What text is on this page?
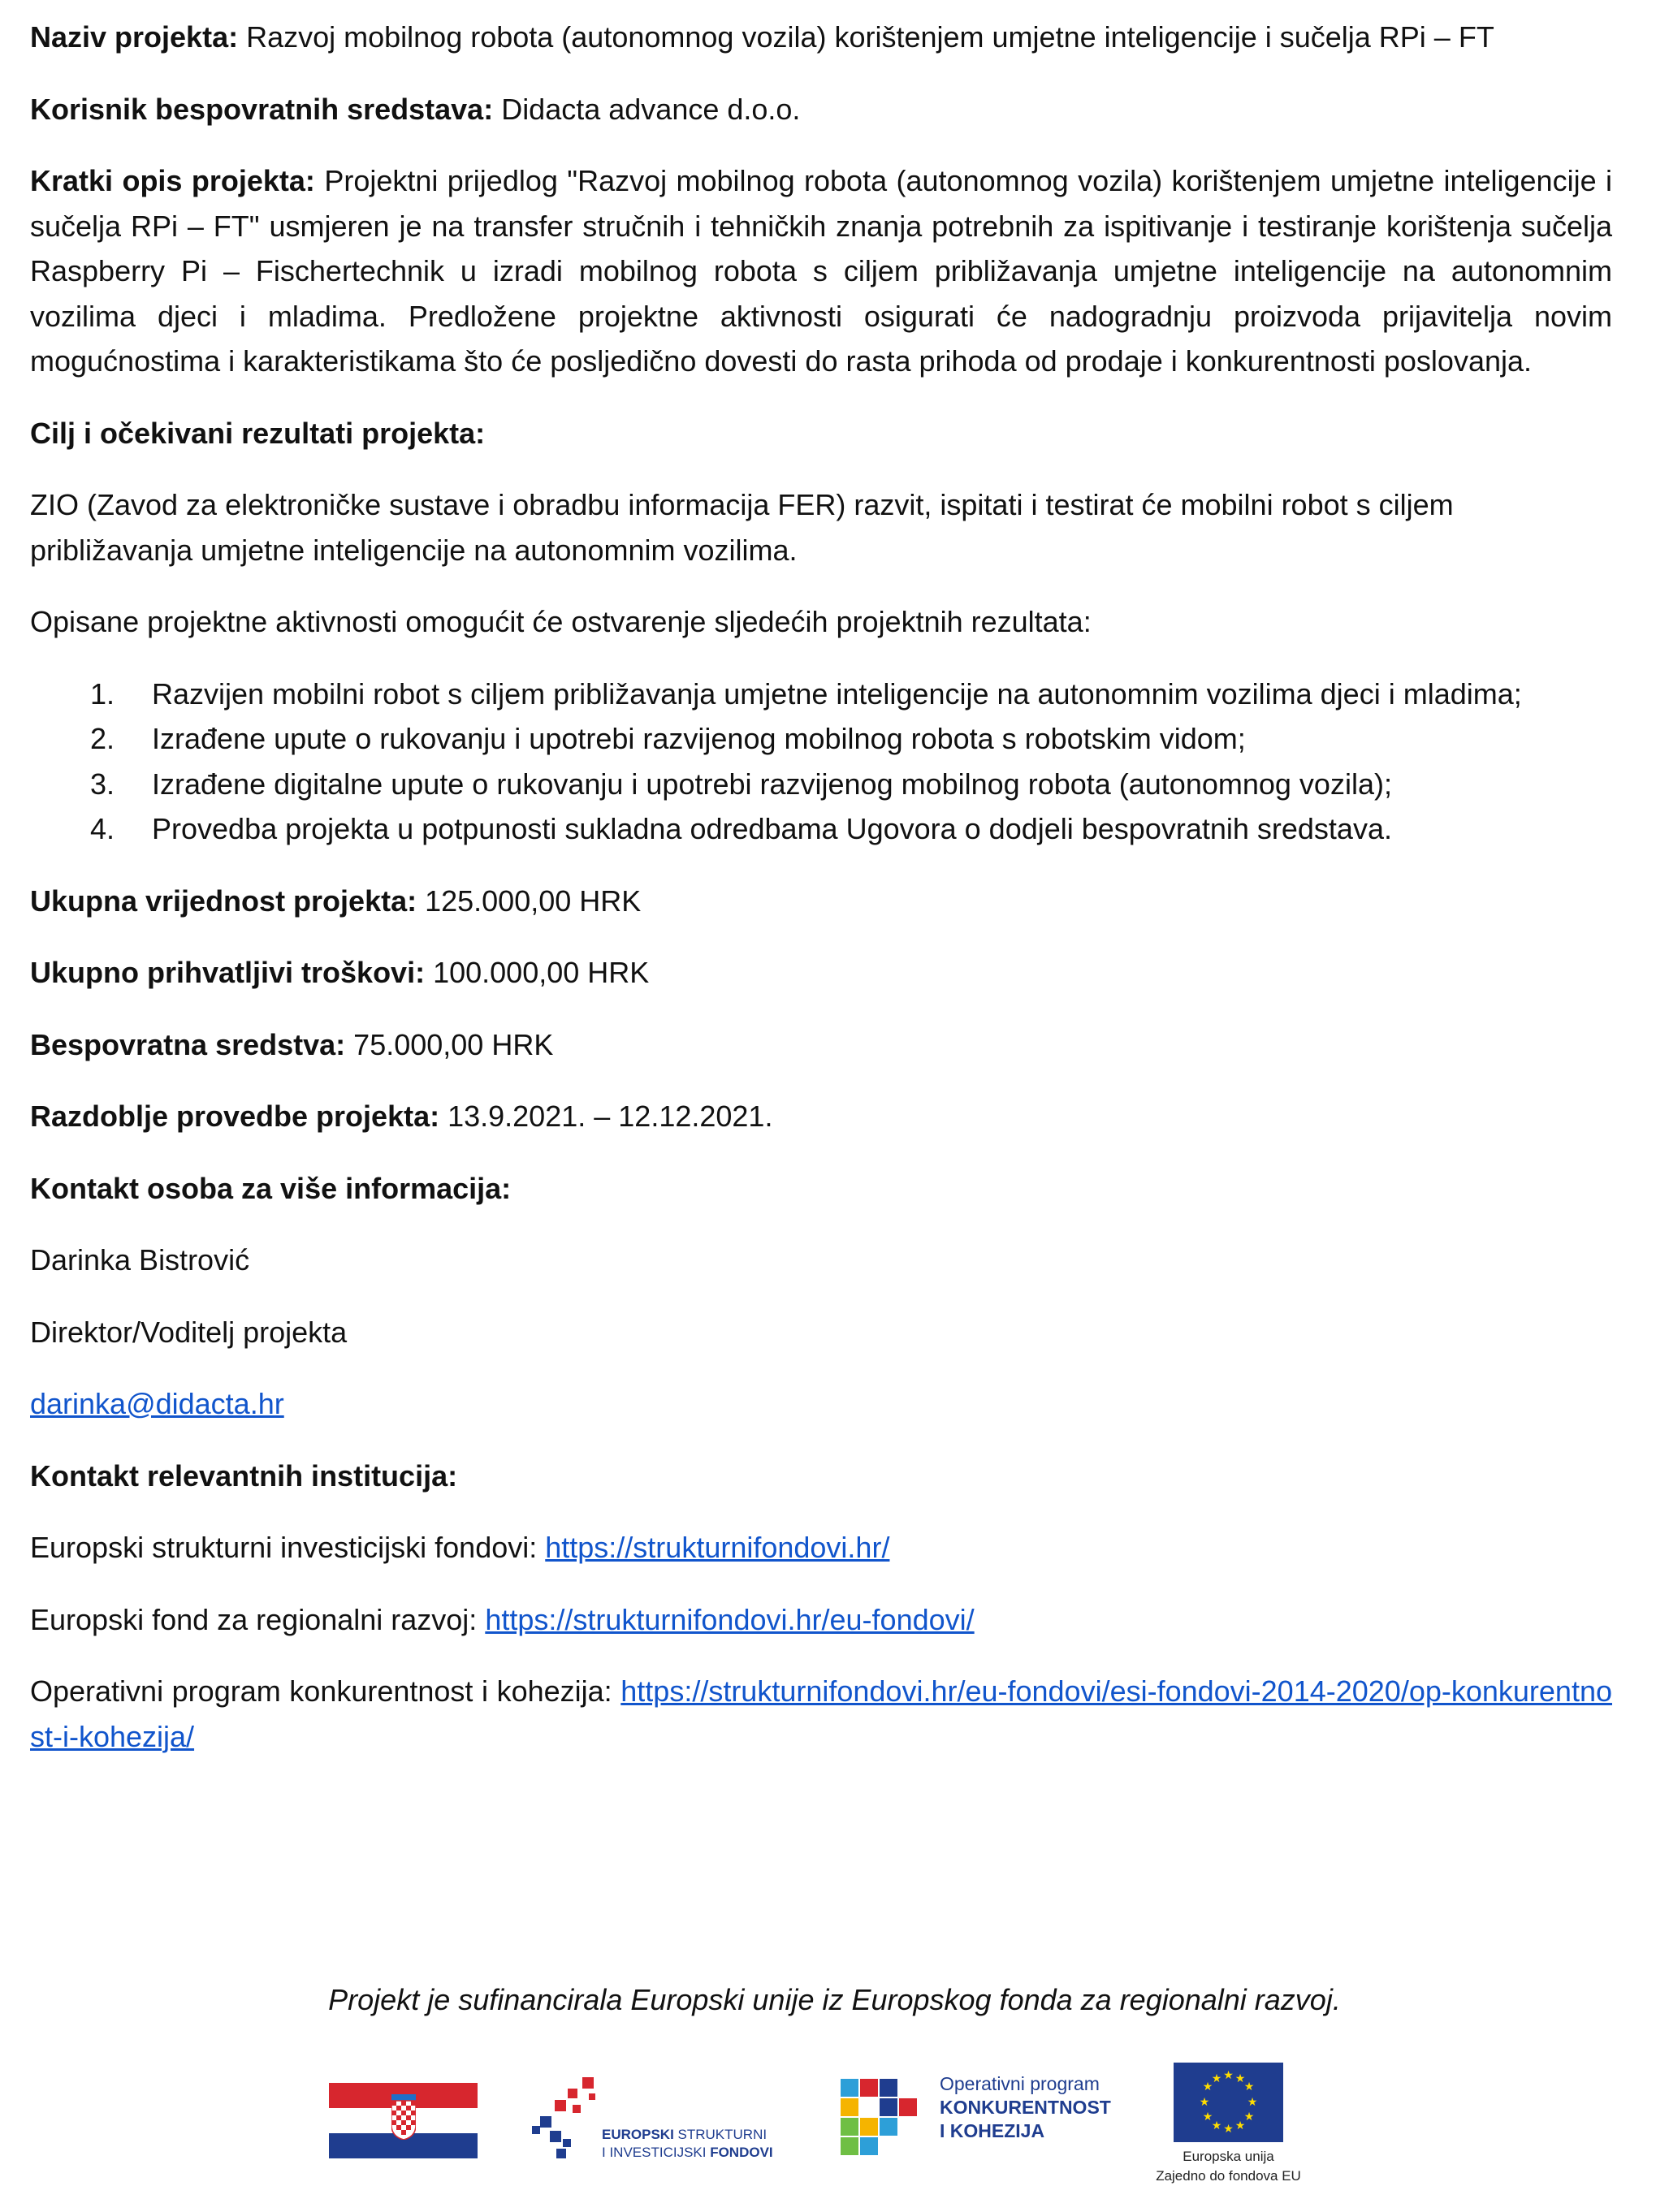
Naziv projekta: Razvoj mobilnog robota (autonomnog vozila) korištenjem umjetne inteligencije i sučelja RPi – FT

Korisnik bespovratnih sredstava: Didacta advance d.o.o.

Kratki opis projekta: Projektni prijedlog "Razvoj mobilnog robota (autonomnog vozila) korištenjem umjetne inteligencije i sučelja RPi – FT" usmjeren je na transfer stručnih i tehničkih znanja potrebnih za ispitivanje i testiranje korištenja sučelja Raspberry Pi – Fischertechnik u izradi mobilnog robota s ciljem približavanja umjetne inteligencije na autonomnim vozilima djeci i mladima. Predložene projektne aktivnosti osigurati će nadogradnju proizvoda prijavitelja novim mogućnostima i karakteristikama što će posljedično dovesti do rasta prihoda od prodaje i konkurentnosti poslovanja.

Cilj i očekivani rezultati projekta:

ZIO (Zavod za elektroničke sustave i obradbu informacija FER) razvit, ispitati i testirat će mobilni robot s ciljem približavanja umjetne inteligencije na autonomnim vozilima.

Opisane projektne aktivnosti omogućit će ostvarenje sljedećih projektnih rezultata:

1. Razvijen mobilni robot s ciljem približavanja umjetne inteligencije na autonomnim vozilima djeci i mladima;
2. Izrađene upute o rukovanju i upotrebi razvijenog mobilnog robota s robotskim vidom;
3. Izrađene digitalne upute o rukovanju i upotrebi razvijenog mobilnog robota (autonomnog vozila);
4. Provedba projekta u potpunosti sukladna odredbama Ugovora o dodjeli bespovratnih sredstava.

Ukupna vrijednost projekta: 125.000,00 HRK

Ukupno prihvatljivi troškovi: 100.000,00 HRK

Bespovratna sredstva: 75.000,00 HRK

Razdoblje provedbe projekta: 13.9.2021. – 12.12.2021.

Kontakt osoba za više informacija:

Darinka Bistrović

Direktor/Voditelj projekta

darinka@didacta.hr

Kontakt relevantnih institucija:

Europski strukturni investicijski fondovi: https://strukturnifondovi.hr/

Europski fond za regionalni razvoj: https://strukturnifondovi.hr/eu-fondovi/

Operativni program konkurentnost i kohezija: https://strukturnifondovi.hr/eu-fondovi/esi-fondovi-2014-2020/op-konkurentnost-i-kohezija/

Projekt je sufinancirala Europski unije iz Europskog fonda za regionalni razvoj.
EUROPSKI STRUKTURNI
I INVESTICIJSKI FONDOVI
Operativni program
KONKURENTNOST
I KOHEZIJA
★ ★
★
★
★
★
★
★
★
★
★
★
Europska unija
Zajedno do fondova EU
